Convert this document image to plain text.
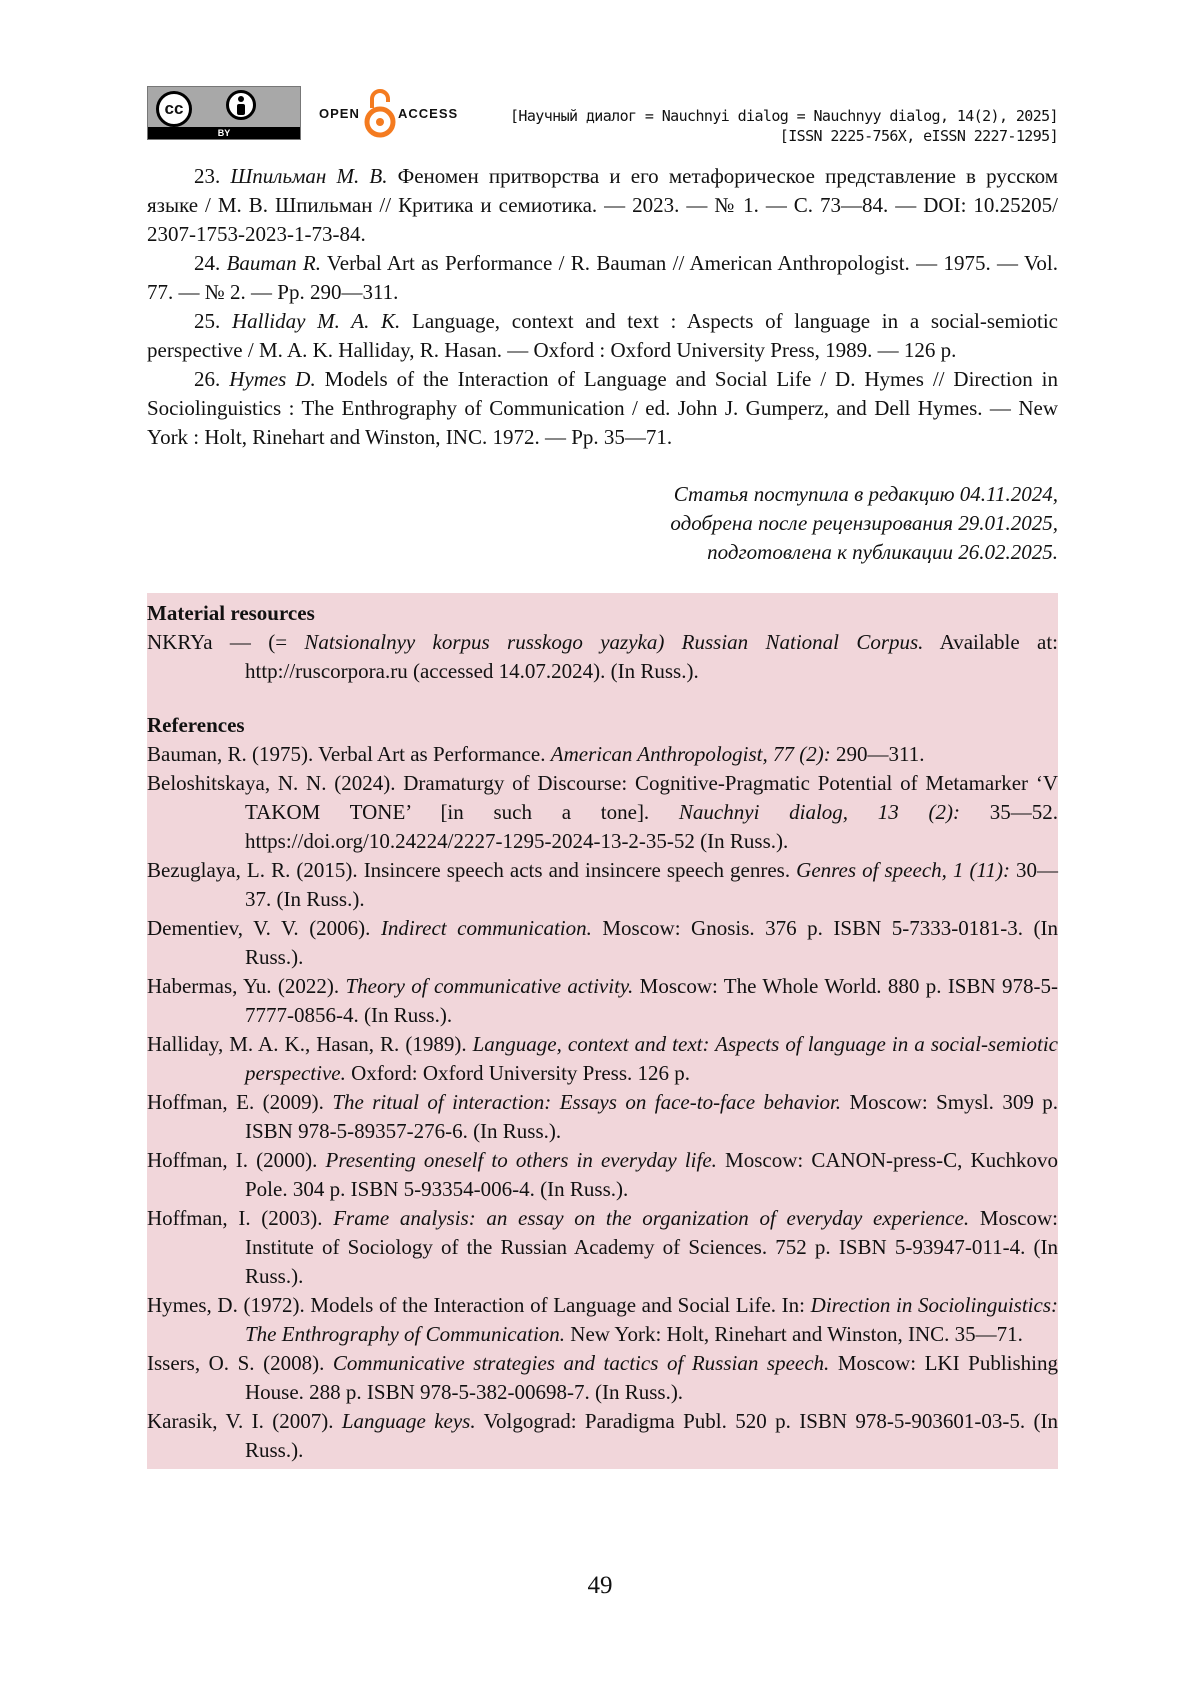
cc
BY
OPEN	ACCESS	[Научный диалог = Nauchnyi dialog = Nauchnyy dialog, 14(2), 2025]
[ISSN 2225-756X, eISSN 2227-1295]

23. Шпильман М. В. Феномен притворства и его метафорическое представление в русском языке / М. В. Шпильман // Критика и семиотика. — 2023. — № 1. — С. 73—84. — DOI: 10.25205/ 2307-1753-2023-1-73-84.

24. Bauman R. Verbal Art as Performance / R. Bauman // American Anthropologist. — 1975. — Vol. 77. — № 2. — Pp. 290—311.

25. Halliday M. A. K. Language, context and text : Aspects of language in a social-semiotic perspective / M. A. K. Halliday, R. Hasan. — Oxford : Oxford University Press, 1989. — 126 p.

26. Hymes D. Models of the Interaction of Language and Social Life / D. Hymes // Direction in Sociolinguistics : The Enthrography of Communication / ed. John J. Gumperz, and Dell Hymes. — New York : Holt, Rinehart and Winston, INC. 1972. — Pp. 35—71.

Статья поступила в редакцию 04.11.2024,
одобрена после рецензирования 29.01.2025,
подготовлена к публикации 26.02.2025.

Material resources

NKRYa — (= Natsionalnyy korpus russkogo yazyka) Russian National Corpus. Available at: http://ruscorpora.ru (accessed 14.07.2024). (In Russ.).

References

Bauman, R. (1975). Verbal Art as Performance. American Anthropologist, 77 (2): 290—311.

Beloshitskaya, N. N. (2024). Dramaturgy of Discourse: Cognitive-Pragmatic Potential of Metamarker ‘V TAKOM TONE’ [in such a tone]. Nauchnyi dialog, 13 (2): 35—52. https://doi.org/10.24224/2227-1295-2024-13-2-35-52 (In Russ.).

Bezuglaya, L. R. (2015). Insincere speech acts and insincere speech genres. Genres of speech, 1 (11): 30—37. (In Russ.).

Dementiev, V. V. (2006). Indirect communication. Moscow: Gnosis. 376 p. ISBN 5-7333-0181-3. (In Russ.).

Habermas, Yu. (2022). Theory of communicative activity. Moscow: The Whole World. 880 p. ISBN 978-5-7777-0856-4. (In Russ.).

Halliday, M. A. K., Hasan, R. (1989). Language, context and text: Aspects of language in a social-semiotic perspective. Oxford: Oxford University Press. 126 p.

Hoffman, E. (2009). The ritual of interaction: Essays on face-to-face behavior. Moscow: Smysl. 309 p. ISBN 978-5-89357-276-6. (In Russ.).

Hoffman, I. (2000). Presenting oneself to others in everyday life. Moscow: CANON-press-C, Kuchkovo Pole. 304 p. ISBN 5-93354-006-4. (In Russ.).

Hoffman, I. (2003). Frame analysis: an essay on the organization of everyday experience. Moscow: Institute of Sociology of the Russian Academy of Sciences. 752 p. ISBN 5-93947-011-4. (In Russ.).

Hymes, D. (1972). Models of the Interaction of Language and Social Life. In: Direction in Sociolinguistics: The Enthrography of Communication. New York: Holt, Rinehart and Winston, INC. 35—71.

Issers, O. S. (2008). Communicative strategies and tactics of Russian speech. Moscow: LKI Publishing House. 288 p. ISBN 978-5-382-00698-7. (In Russ.).

Karasik, V. I. (2007). Language keys. Volgograd: Paradigma Publ. 520 p. ISBN 978-5-903601-03-5. (In Russ.).

49
